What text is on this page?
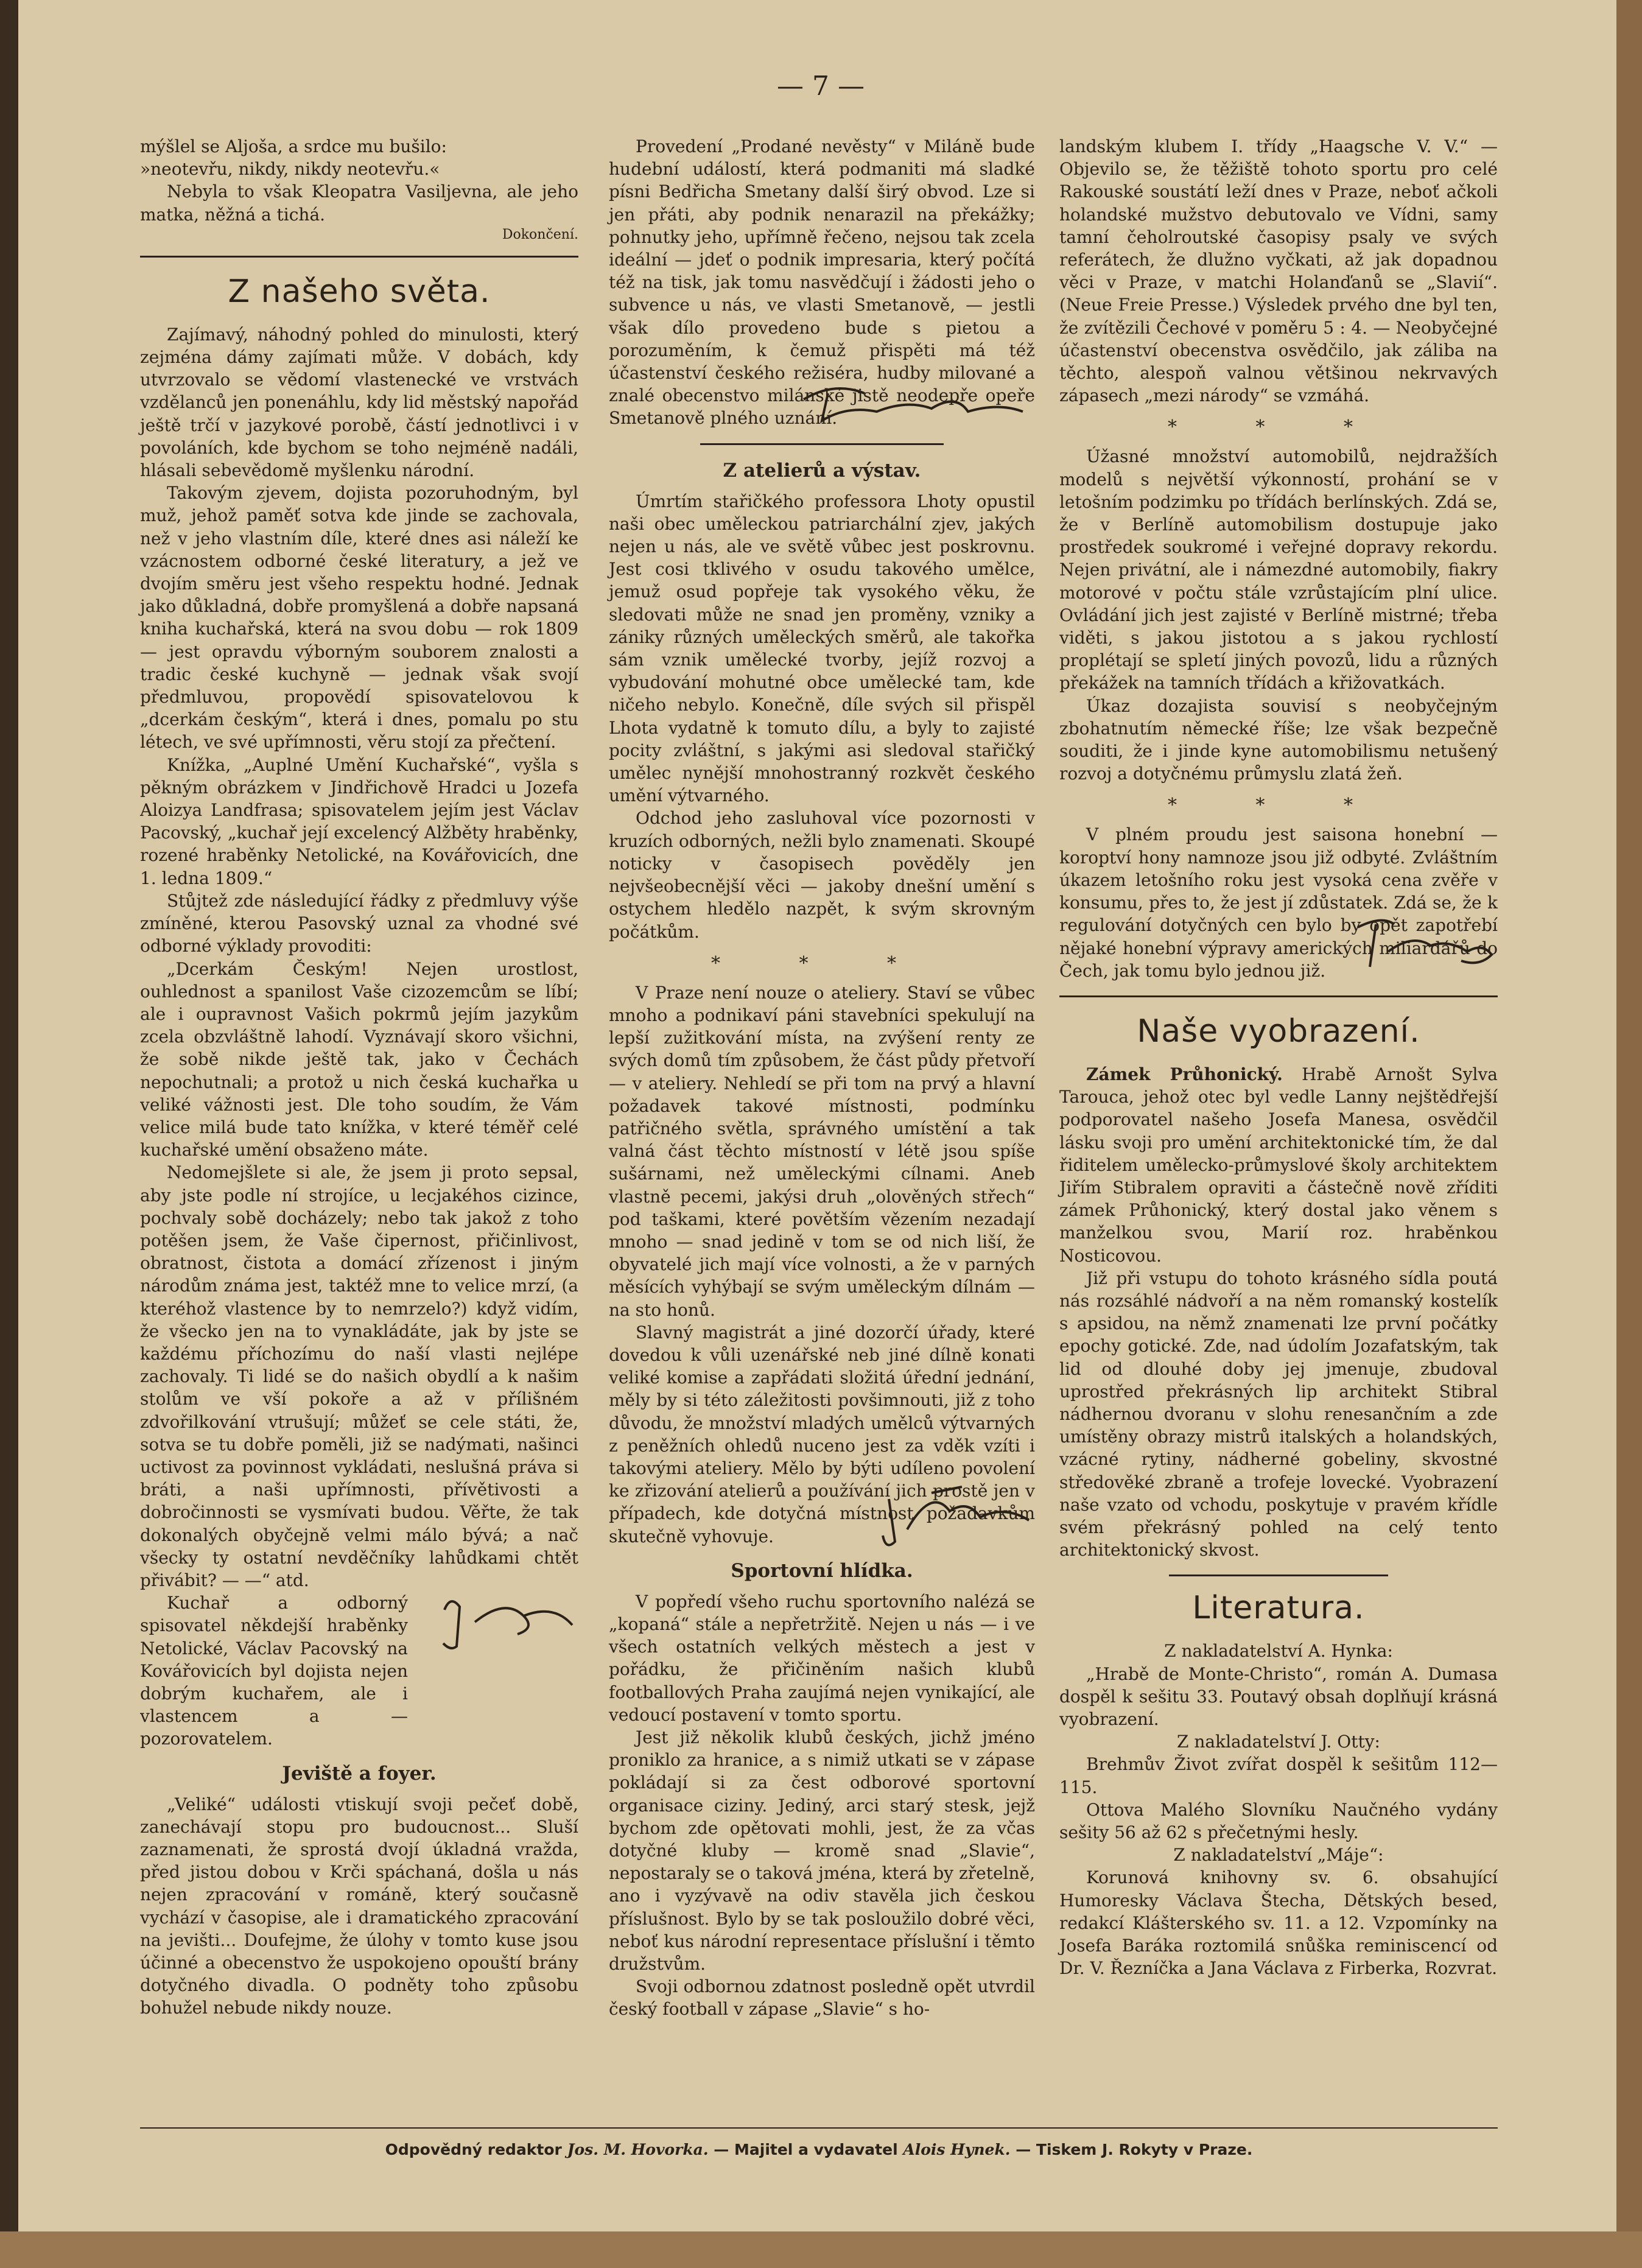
— 7 —

mýšlel se Aljoša, a srdce mu bušilo:

»neotevřu, nikdy, nikdy neotevřu.«

Nebyla to však Kleopatra Vasiljevna, ale jeho matka, něžná a tichá.

Dokončení.
Z našeho světa.

Zajímavý, náhodný pohled do minulosti, který zejména dámy zajímati může. V dobách, kdy utvrzovalo se vědomí vlastenecké ve vrstvách vzdělanců jen ponenáhlu, kdy lid městský napořád ještě trčí v jazykové porobě, částí jednotlivci i v povoláních, kde bychom se toho nejméně nadáli, hlásali sebevědomě myšlenku národní.

Takovým zjevem, dojista pozoruhodným, byl muž, jehož paměť sotva kde jinde se zachovala, než v jeho vlastním díle, které dnes asi náleží ke vzácnostem odborné české literatury, a jež ve dvojím směru jest všeho respektu hodné. Jednak jako důkladná, dobře promyšlená a dobře napsaná kniha kuchařská, která na svou dobu — rok 1809 — jest opravdu výborným souborem znalosti a tradic české kuchyně — jednak však svojí předmluvou, propovědí spisovatelovou k „dcerkám českým“, která i dnes, pomalu po stu létech, ve své upřímnosti, věru stojí za přečtení.

Knížka, „Auplné Umění Kuchařské“, vyšla s pěkným obrázkem v Jindřichově Hradci u Jozefa Aloizya Landfrasa; spisovatelem jejím jest Václav Pacovský, „kuchař její excelencý Alžběty hraběnky, rozené hraběnky Netolické, na Kovářovicích, dne 1. ledna 1809.“

Stůjtež zde následující řádky z předmluvy výše zmíněné, kterou Pasovský uznal za vhodné své odborné výklady provoditi:

„Dcerkám Českým! Nejen urostlost, ouhlednost a spanilost Vaše cizozemcům se líbí; ale i oupravnost Vašich pokrmů jejím jazykům zcela obzvláštně lahodí. Vyznávají skoro všichni, že sobě nikde ještě tak, jako v Čechách nepochutnali; a protož u nich česká kuchařka u veliké vážnosti jest. Dle toho soudím, že Vám velice milá bude tato knížka, v které téměř celé kuchařské umění obsaženo máte.

Nedomejšlete si ale, že jsem ji proto sepsal, aby jste podle ní strojíce, u lecjakéhos cizince, pochvaly sobě docházely; nebo tak jakož z toho potěšen jsem, že Vaše čipernost, přičinlivost, obratnost, čistota a domácí zřízenost i jiným národům známa jest, taktéž mne to velice mrzí, (a kteréhož vlastence by to nemrzelo?) když vidím, že všecko jen na to vynakládáte, jak by jste se každému příchozímu do naší vlasti nejlépe zachovaly. Ti lidé se do našich obydlí a k našim stolům ve vší pokoře a až v přílišném zdvořilkování vtrušují; můžeť se cele státi, že, sotva se tu dobře poměli, již se nadýmati, našinci uctivost za povinnost vykládati, neslušná práva si bráti, a naši upřímnosti, přívětivosti a dobročinnosti se vysmívati budou. Věřte, že tak dokonalých obyčejně velmi málo bývá; a nač všecky ty ostatní nevděčníky lahůdkami chtět přivábit? — —“ atd.

Kuchař a odborný spisovatel někdejší hraběnky Netolické, Václav Pacovský na Kovářovicích byl dojista nejen dobrým kuchařem, ale i vlastencem a — pozorovatelem.

Jeviště a foyer.

„Veliké“ události vtiskují svoji pečeť době, zanechávají stopu pro budoucnost... Sluší zaznamenati, že sprostá dvojí úkladná vražda, před jistou dobou v Krči spáchaná, došla u nás nejen zpracování v románě, který současně vychází v časopise, ale i dramatického zpracování na jevišti... Doufejme, že úlohy v tomto kuse jsou účinné a obecenstvo že uspokojeno opouští brány dotyčného divadla. O podněty toho způsobu bohužel nebude nikdy nouze.

Provedení „Prodané nevěsty“ v Miláně bude hudební událostí, která podmaniti má sladké písni Bedřicha Smetany další širý obvod. Lze si jen přáti, aby podnik nenarazil na překážky; pohnutky jeho, upřímně řečeno, nejsou tak zcela ideální — jdeť o podnik impresaria, který počítá též na tisk, jak tomu nasvědčují i žádosti jeho o subvence u nás, ve vlasti Smetanově, — jestli však dílo provedeno bude s pietou a porozuměním, k čemuž přispěti má též účastenství českého režiséra, hudby milované a znalé obecenstvo milánské jistě neodepře opeře Smetanově plného uznání.

Z atelierů a výstav.

Úmrtím stařičkého professora Lhoty opustil naši obec uměleckou patriarchální zjev, jakých nejen u nás, ale ve světě vůbec jest poskrovnu. Jest cosi tklivého v osudu takového umělce, jemuž osud popřeje tak vysokého věku, že sledovati může ne snad jen proměny, vzniky a zániky různých uměleckých směrů, ale takořka sám vznik umělecké tvorby, jejíž rozvoj a vybudování mohutné obce umělecké tam, kde ničeho nebylo. Konečně, díle svých sil přispěl Lhota vydatně k tomuto dílu, a byly to zajisté pocity zvláštní, s jakými asi sledoval stařičký umělec nynější mnohostranný rozkvět českého umění výtvarného.

Odchod jeho zasluhoval více pozornosti v kruzích odborných, nežli bylo znamenati. Skoupé noticky v časopisech pověděly jen nejvšeobecnější věci — jakoby dnešní umění s ostychem hledělo nazpět, k svým skrovným počátkům.

* * *

V Praze není nouze o ateliery. Staví se vůbec mnoho a podnikaví páni stavebníci spekulují na lepší zužitkování místa, na zvýšení renty ze svých domů tím způsobem, že část půdy přetvoří — v ateliery. Nehledí se při tom na prvý a hlavní požadavek takové místnosti, podmínku patřičného světla, správného umístění a tak valná část těchto místností v létě jsou spíše sušárnami, než uměleckými cílnami. Aneb vlastně pecemi, jakýsi druh „olověných střech“ pod taškami, které povětším vězením nezadají mnoho — snad jedině v tom se od nich liší, že obyvatelé jich mají více volnosti, a že v parných měsících vyhýbají se svým uměleckým dílnám — na sto honů.

Slavný magistrát a jiné dozorčí úřady, které dovedou k vůli uzenářské neb jiné dílně konati veliké komise a zapřádati složitá úřední jednání, měly by si této záležitosti povšimnouti, již z toho důvodu, že množství mladých umělců výtvarných z peněžních ohledů nuceno jest za vděk vzíti i takovými ateliery. Mělo by býti udíleno povolení ke zřizování atelierů a používání jich prostě jen v případech, kde dotyčná místnost požadavkům skutečně vyhovuje.

Sportovní hlídka.

V popředí všeho ruchu sportovního nalézá se „kopaná“ stále a nepřetržitě. Nejen u nás — i ve všech ostatních velkých městech a jest v pořádku, že přičiněním našich klubů footballových Praha zaujímá nejen vynikající, ale vedoucí postavení v tomto sportu.

Jest již několik klubů českých, jichž jméno proniklo za hranice, a s nimiž utkati se v zápase pokládají si za čest odborové sportovní organisace ciziny. Jediný, arci starý stesk, jejž bychom zde opětovati mohli, jest, že za včas dotyčné kluby — kromě snad „Slavie“, nepostaraly se o taková jména, která by zřetelně, ano i vyzývavě na odiv stavěla jich českou příslušnost. Bylo by se tak posloužilo dobré věci, neboť kus národní representace příslušní i těmto družstvům.

Svoji odbornou zdatnost posledně opět utvrdil český football v zápase „Slavie“ s ho-

landským klubem I. třídy „Haagsche V. V.“ — Objevilo se, že těžiště tohoto sportu pro celé Rakouské soustátí leží dnes v Praze, neboť ačkoli holandské mužstvo debutovalo ve Vídni, samy tamní čeholroutské časopisy psaly ve svých referátech, že dlužno vyčkati, až jak dopadnou věci v Praze, v matchi Holanďanů se „Slavií“. (Neue Freie Presse.) Výsledek prvého dne byl ten, že zvítězili Čechové v poměru 5 : 4. — Neobyčejné účastenství obecenstva osvědčilo, jak záliba na těchto, alespoň valnou většinou nekrvavých zápasech „mezi národy“ se vzmáhá.

* * *

Úžasné množství automobilů, nejdražších modelů s největší výkonností, prohání se v letošním podzimku po třídách berlínských. Zdá se, že v Berlíně automobilism dostupuje jako prostředek soukromé i veřejné dopravy rekordu. Nejen privátní, ale i námezdné automobily, fiakry motorové v počtu stále vzrůstajícím plní ulice. Ovládání jich jest zajisté v Berlíně mistrné; třeba viděti, s jakou jistotou a s jakou rychlostí proplétají se spletí jiných povozů, lidu a různých překážek na tamních třídách a křižovatkách.

Úkaz dozajista souvisí s neobyčejným zbohatnutím německé říše; lze však bezpečně souditi, že i jinde kyne automobilismu netušený rozvoj a dotyčnému průmyslu zlatá žeň.

* * *

V plném proudu jest saisona honební — koroptví hony namnoze jsou již odbyté. Zvláštním úkazem letošního roku jest vysoká cena zvěře v konsumu, přes to, že jest jí zdůstatek. Zdá se, že k regulování dotyčných cen bylo by opět zapotřebí nějaké honební výpravy amerických miliardářů do Čech, jak tomu bylo jednou již.

Naše vyobrazení.

Zámek Průhonický. Hrabě Arnošt Sylva Tarouca, jehož otec byl vedle Lanny nejštědřejší podporovatel našeho Josefa Manesa, osvědčil lásku svoji pro umění architektonické tím, že dal řiditelem umělecko-průmyslové školy architektem Jiřím Stibralem opraviti a částečně nově zříditi zámek Průhonický, který dostal jako věnem s manželkou svou, Marií roz. hraběnkou Nosticovou.

Již při vstupu do tohoto krásného sídla poutá nás rozsáhlé nádvoří a na něm romanský kostelík s apsidou, na němž znamenati lze první počátky epochy gotické. Zde, nad údolím Jozafatským, tak lid od dlouhé doby jej jmenuje, zbudoval uprostřed překrásných lip architekt Stibral nádhernou dvoranu v slohu renesančním a zde umístěny obrazy mistrů italských a holandských, vzácné rytiny, nádherné gobeliny, skvostné středověké zbraně a trofeje lovecké. Vyobrazení naše vzato od vchodu, poskytuje v pravém křídle svém překrásný pohled na celý tento architektonický skvost.

Literatura.

Z nakladatelství A. Hynka:

„Hrabě de Monte-Christo“, román A. Dumasa dospěl k sešitu 33. Poutavý obsah doplňují krásná vyobrazení.

Z nakladatelství J. Otty:

Brehmův Život zvířat dospěl k sešitům 112—115.

Ottova Malého Slovníku Naučného vydány sešity 56 až 62 s přečetnými hesly.

Z nakladatelství „Máje“:

Korunová knihovny sv. 6. obsahující Humoresky Václava Štecha, Dětských besed, redakcí Klášterského sv. 11. a 12. Vzpomínky na Josefa Baráka roztomilá snůška reminiscencí od Dr. V. Řezníčka a Jana Václava z Firberka, Rozvrat.

Odpovědný redaktor Jos. M. Hovorka. — Majitel a vydavatel Alois Hynek. — Tiskem J. Rokyty v Praze.
